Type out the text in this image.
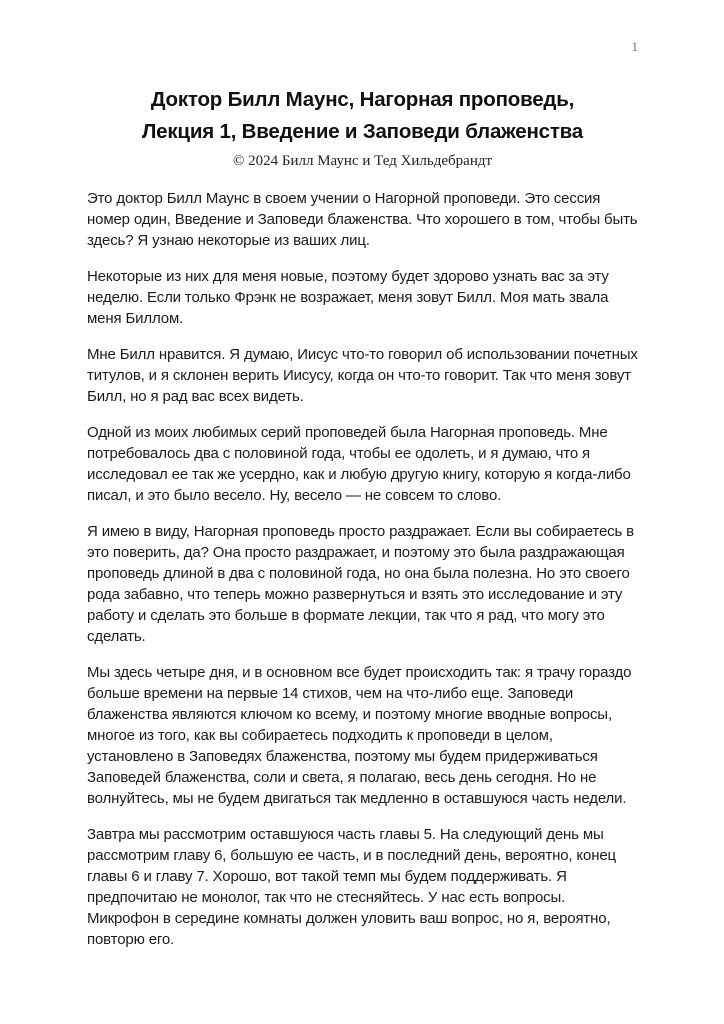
1
Доктор Билл Маунс, Нагорная проповедь,
Лекция 1, Введение и Заповеди блаженства
© 2024 Билл Маунс и Тед Хильдебрандт

Это доктор Билл Маунс в своем учении о Нагорной проповеди. Это сессия номер один, Введение и Заповеди блаженства. Что хорошего в том, чтобы быть здесь? Я узнаю некоторые из ваших лиц.

Некоторые из них для меня новые, поэтому будет здорово узнать вас за эту неделю. Если только Фрэнк не возражает, меня зовут Билл. Моя мать звала меня Биллом.

Мне Билл нравится. Я думаю, Иисус что-то говорил об использовании почетных титулов, и я склонен верить Иисусу, когда он что-то говорит. Так что меня зовут Билл, но я рад вас всех видеть.

Одной из моих любимых серий проповедей была Нагорная проповедь. Мне потребовалось два с половиной года, чтобы ее одолеть, и я думаю, что я исследовал ее так же усердно, как и любую другую книгу, которую я когда-либо писал, и это было весело. Ну, весело — не совсем то слово.

Я имею в виду, Нагорная проповедь просто раздражает. Если вы собираетесь в это поверить, да? Она просто раздражает, и поэтому это была раздражающая проповедь длиной в два с половиной года, но она была полезна. Но это своего рода забавно, что теперь можно развернуться и взять это исследование и эту работу и сделать это больше в формате лекции, так что я рад, что могу это сделать.

Мы здесь четыре дня, и в основном все будет происходить так: я трачу гораздо больше времени на первые 14 стихов, чем на что-либо еще. Заповеди блаженства являются ключом ко всему, и поэтому многие вводные вопросы, многое из того, как вы собираетесь подходить к проповеди в целом, установлено в Заповедях блаженства, поэтому мы будем придерживаться Заповедей блаженства, соли и света, я полагаю, весь день сегодня. Но не волнуйтесь, мы не будем двигаться так медленно в оставшуюся часть недели.

Завтра мы рассмотрим оставшуюся часть главы 5. На следующий день мы рассмотрим главу 6, большую ее часть, и в последний день, вероятно, конец главы 6 и главу 7. Хорошо, вот такой темп мы будем поддерживать. Я предпочитаю не монолог, так что не стесняйтесь. У нас есть вопросы. Микрофон в середине комнаты должен уловить ваш вопрос, но я, вероятно, повторю его.
